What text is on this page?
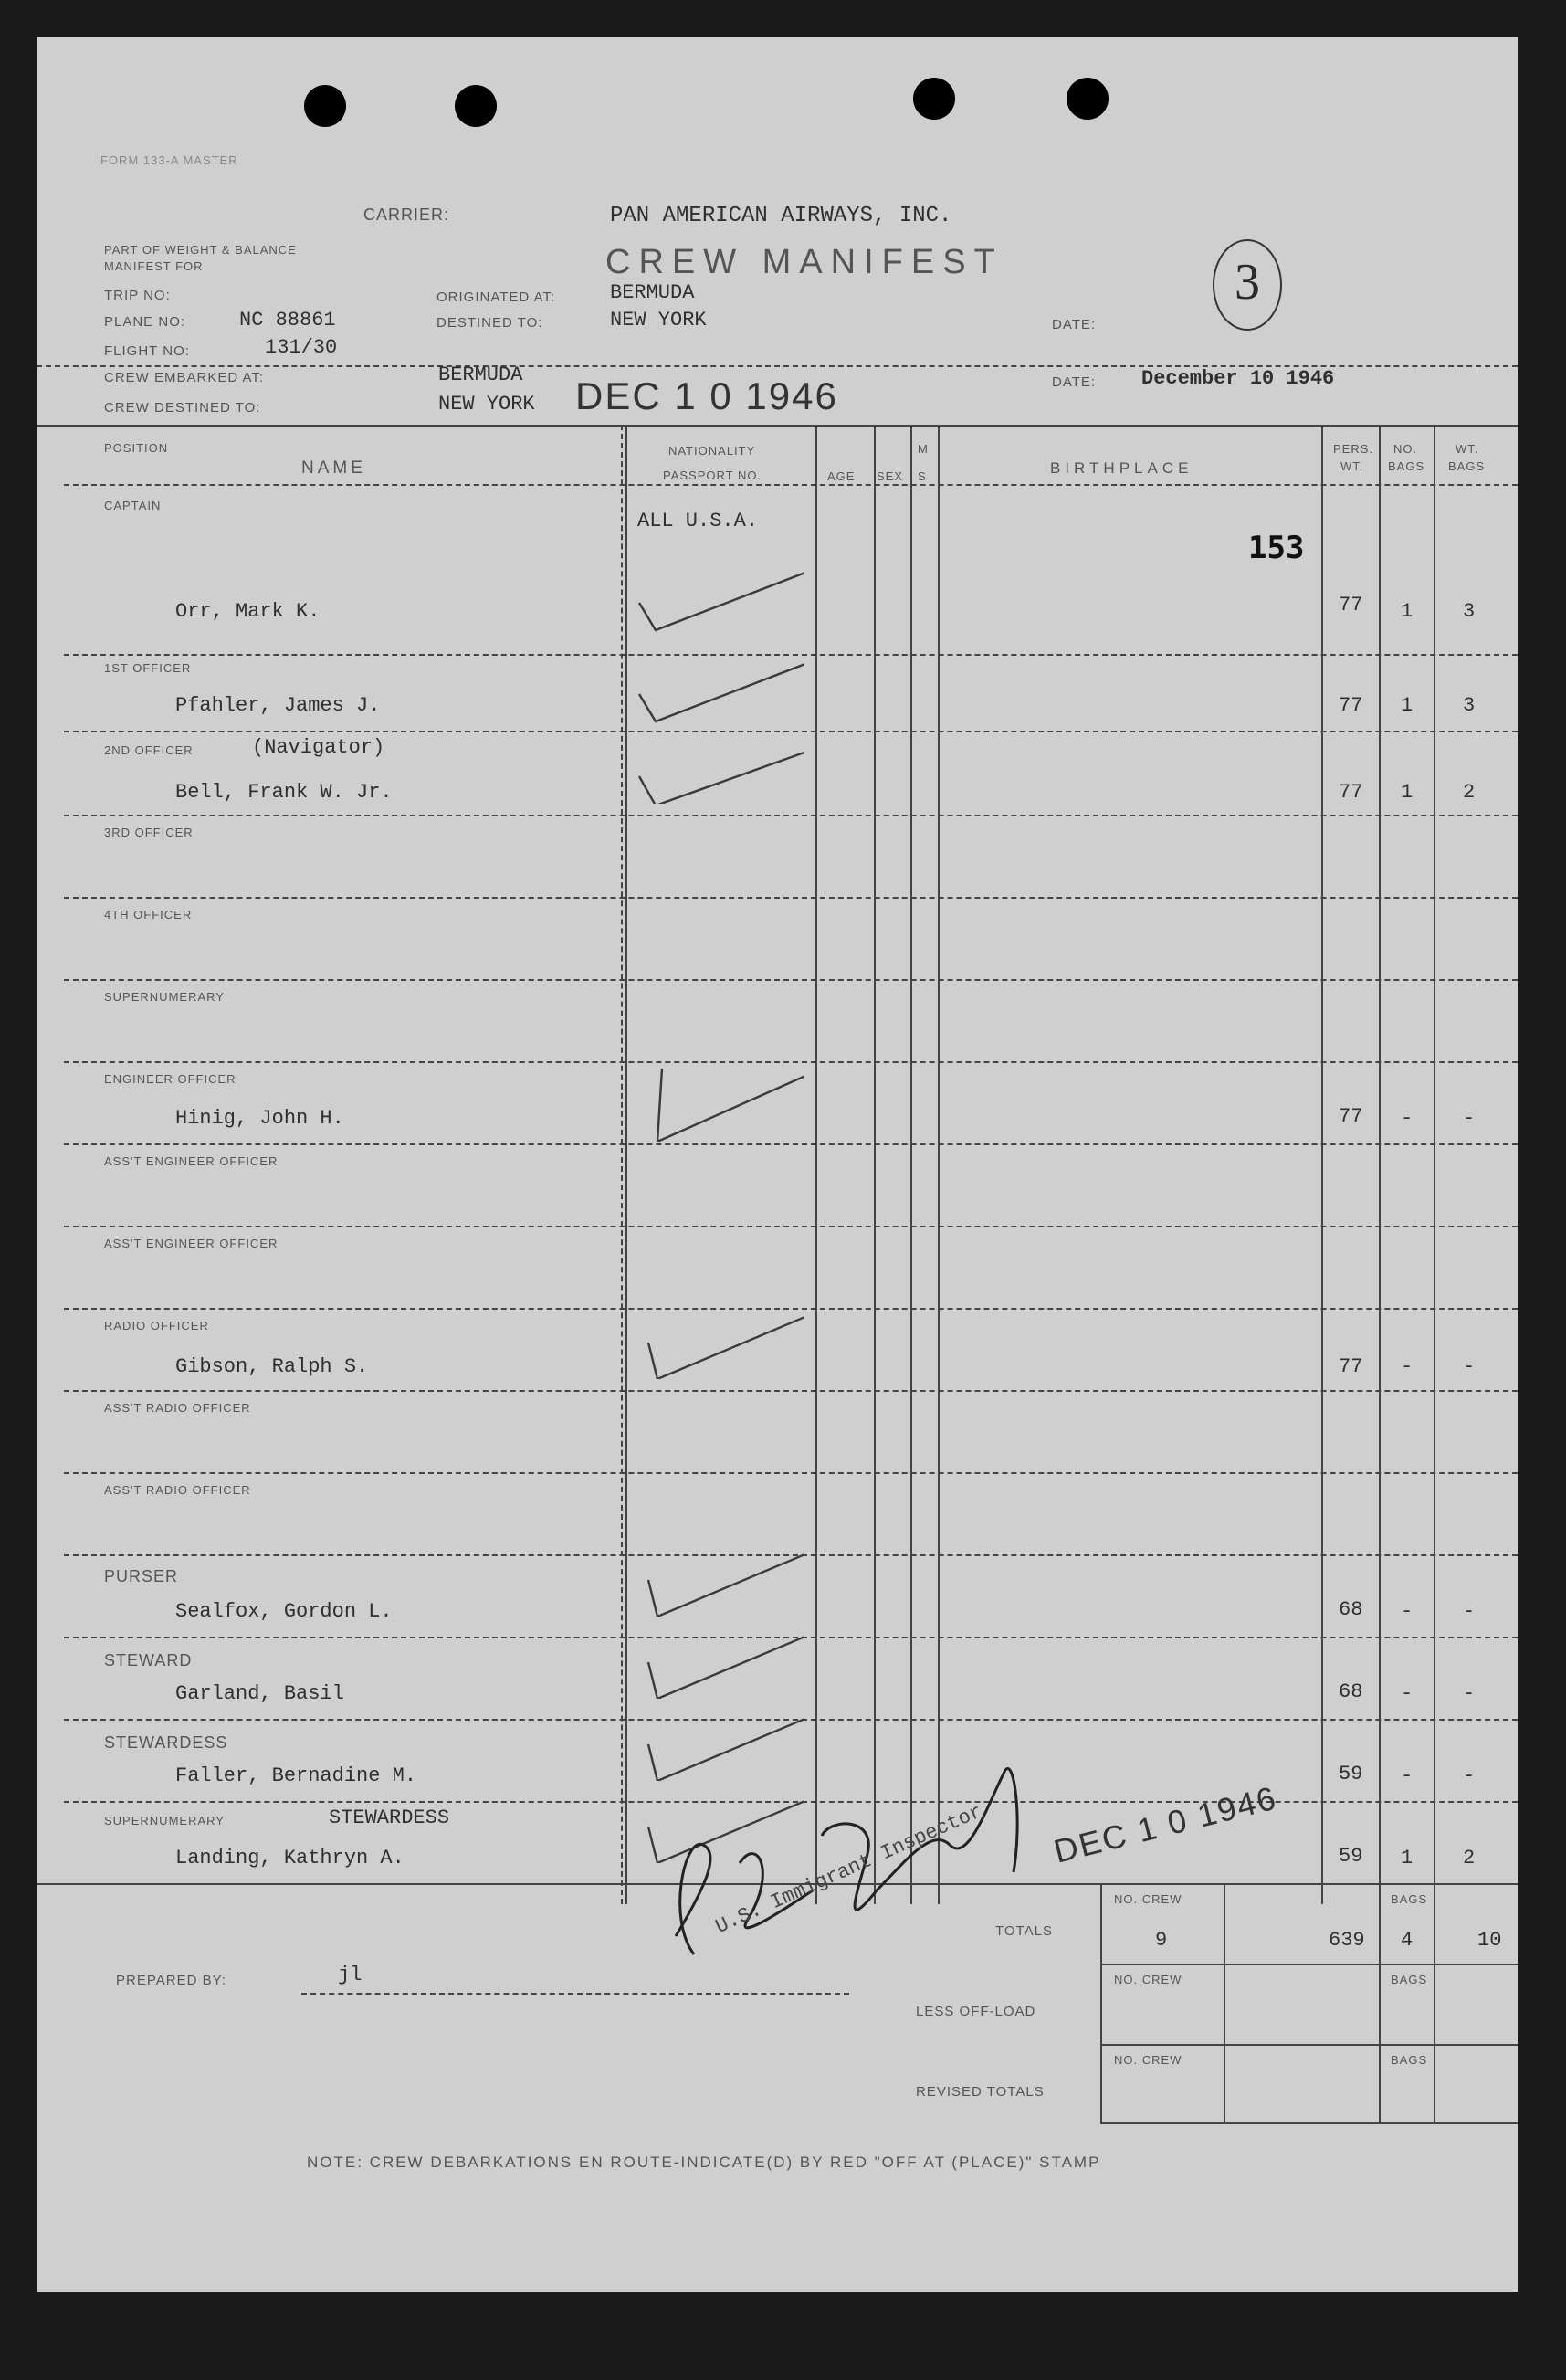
FORM 133-A MASTER
CARRIER:	PAN AMERICAN AIRWAYS, INC.
PART OF WEIGHT & BALANCE
MANIFEST FOR	CREW MANIFEST	3
TRIP NO:
PLANE NO:	NC 88861
FLIGHT NO:	131/30
ORIGINATED AT:	BERMUDA
DESTINED TO:	NEW YORK	DATE:
CREW EMBARKED AT:	BERMUDA
CREW DESTINED TO:	NEW YORK DEC 1 0 1946	DATE: December 10 1946
POSITION
NAME
NATIONALITY
PASSPORT NO.	AGE SEX
M
S	BIRTHPLACE
PERS.
WT.
NO.
BAGS
WT.
BAGS
ALL U.S.A.
153
CAPTAIN
Orr, Mark K.	77 1 3
1ST OFFICER
Pfahler, James J.	77 1 3
2ND OFFICER	(Navigator)
Bell, Frank W. Jr.	77 1 2
3RD OFFICER
4TH OFFICER
SUPERNUMERARY
ENGINEER OFFICER
Hinig, John H.	77 - -
ASS'T ENGINEER OFFICER
ASS'T ENGINEER OFFICER
RADIO OFFICER
Gibson, Ralph S.	77 - -
ASS'T RADIO OFFICER
ASS'T RADIO OFFICER
PURSER
Sealfox, Gordon L.	68 - -
STEWARD
Garland, Basil	68 - -
STEWARDESS
Faller, Bernadine M.	59 - -
SUPERNUMERARY	STEWARDESS
Landing, Kathryn A.	59 1 2
PREPARED BY:	jl
U.S. Immigrant Inspector DEC 1 0 1946
TOTALS
NO. CREW	BAGS
9	639 4	10
LESS OFF-LOAD
NO. CREW	BAGS
REVISED TOTALS
NO. CREW	BAGS
NOTE: CREW DEBARKATIONS EN ROUTE-INDICATE(D) BY RED "OFF AT (PLACE)" STAMP
